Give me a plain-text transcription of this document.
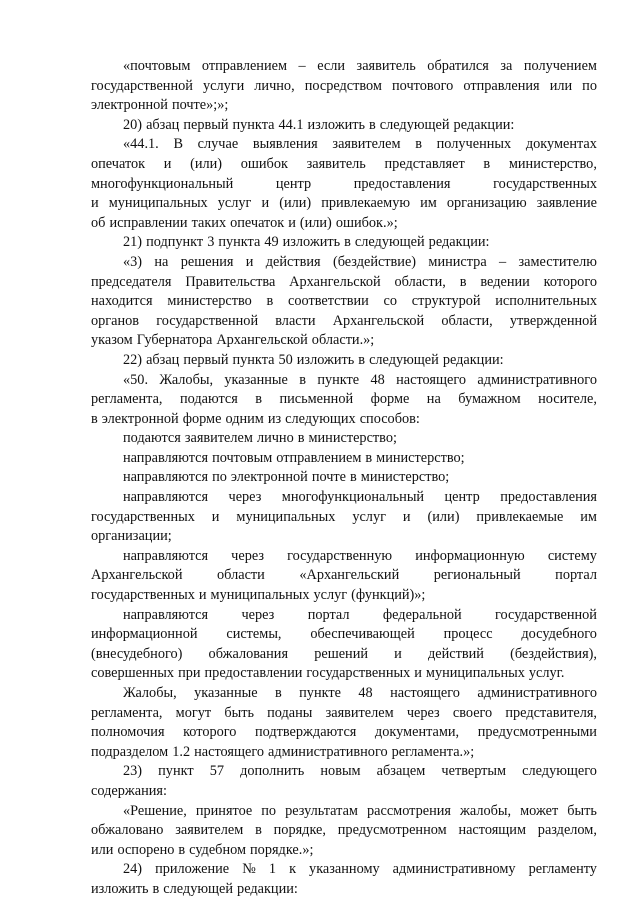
«почтовым отправлением – если заявитель обратился за получением
государственной услуги лично, посредством почтового отправления или по
электронной почте»;»;
20) абзац первый пункта 44.1 изложить в следующей редакции:
«44.1. В случае выявления заявителем в полученных документах
опечаток и (или) ошибок заявитель представляет в министерство,
многофункциональный	центр	предоставления	государственных
и муниципальных услуг и (или) привлекаемую им организацию заявление
об исправлении таких опечаток и (или) ошибок.»;
21) подпункт 3 пункта 49 изложить в следующей редакции:
«3) на решения и действия (бездействие) министра – заместителю
председателя Правительства Архангельской области, в ведении которого
находится министерство в соответствии со структурой исполнительных
органов государственной власти Архангельской области, утвержденной
указом Губернатора Архангельской области.»;
22) абзац первый пункта 50 изложить в следующей редакции:
«50. Жалобы, указанные в пункте 48 настоящего административного
регламента, подаются в письменной форме на бумажном носителе,
в электронной форме одним из следующих способов:
подаются заявителем лично в министерство;
направляются почтовым отправлением в министерство;
направляются по электронной почте в министерство;
направляются через многофункциональный центр предоставления
государственных и муниципальных услуг и (или) привлекаемые им
организации;
направляются через государственную информационную систему
Архангельской области «Архангельский региональный портал
государственных и муниципальных услуг (функций)»;
направляются через портал федеральной государственной
информационной системы, обеспечивающей процесс досудебного
(внесудебного) обжалования решений и действий (бездействия),
совершенных при предоставлении государственных и муниципальных услуг.
Жалобы, указанные в пункте 48 настоящего административного
регламента, могут быть поданы заявителем через своего представителя,
полномочия которого подтверждаются документами, предусмотренными
подразделом 1.2 настоящего административного регламента.»;
23) пункт 57 дополнить новым абзацем четвертым следующего
содержания:
«Решение, принятое по результатам рассмотрения жалобы, может быть
обжаловано заявителем в порядке, предусмотренном настоящим разделом,
или оспорено в судебном порядке.»;
24) приложение № 1 к указанному административному регламенту
изложить в следующей редакции:
